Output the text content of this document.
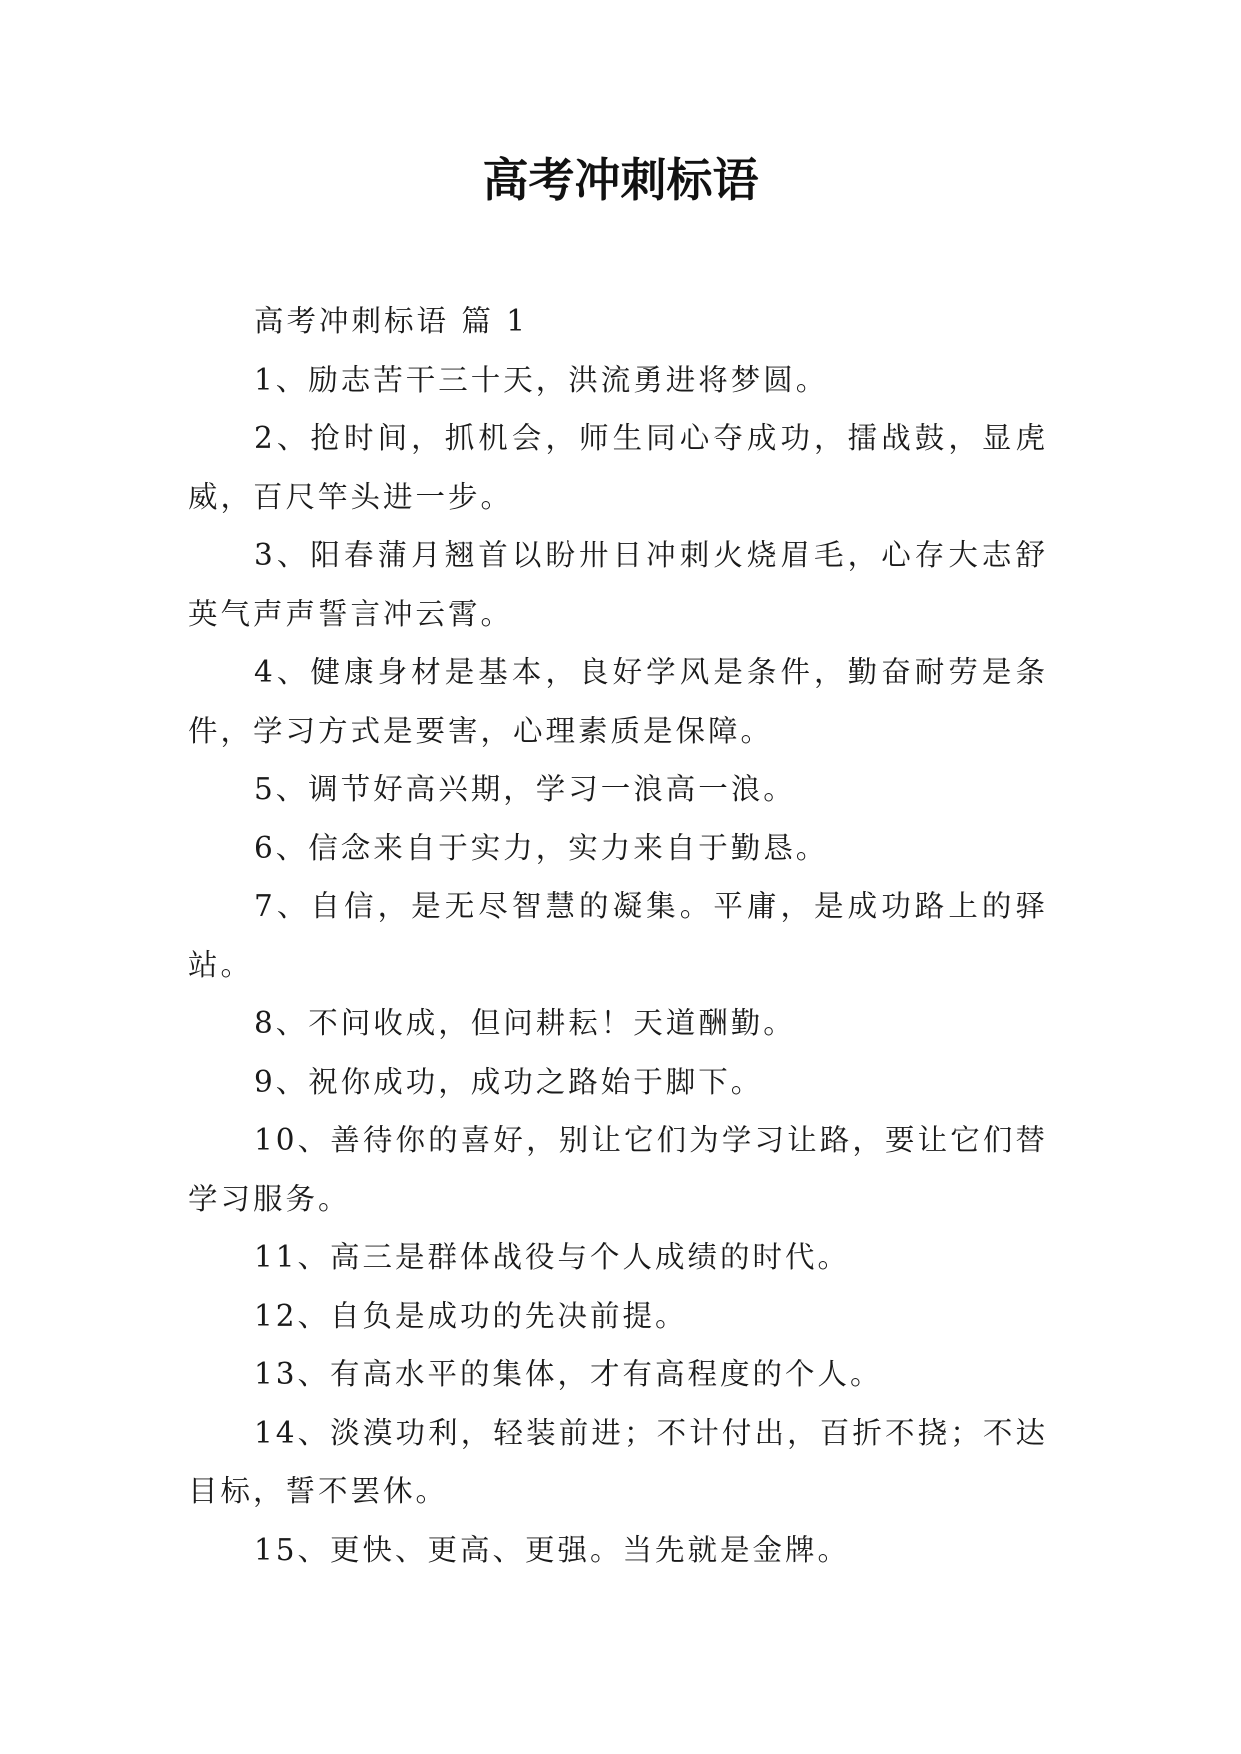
高考冲刺标语

高考冲刺标语 篇 1

1、励志苦干三十天，洪流勇进将梦圆。

2、抢时间，抓机会，师生同心夺成功，擂战鼓，显虎威，百尺竿头进一步。

3、阳春蒲月翘首以盼卅日冲刺火烧眉毛，心存大志舒英气声声誓言冲云霄。

4、健康身材是基本，良好学风是条件，勤奋耐劳是条件，学习方式是要害，心理素质是保障。

5、调节好高兴期，学习一浪高一浪。

6、信念来自于实力，实力来自于勤恳。

7、自信，是无尽智慧的凝集。平庸，是成功路上的驿站。

8、不问收成，但问耕耘！天道酬勤。

9、祝你成功，成功之路始于脚下。

10、善待你的喜好，别让它们为学习让路，要让它们替学习服务。

11、高三是群体战役与个人成绩的时代。

12、自负是成功的先决前提。

13、有高水平的集体，才有高程度的个人。

14、淡漠功利，轻装前进；不计付出，百折不挠；不达目标，誓不罢休。

15、更快、更高、更强。当先就是金牌。
